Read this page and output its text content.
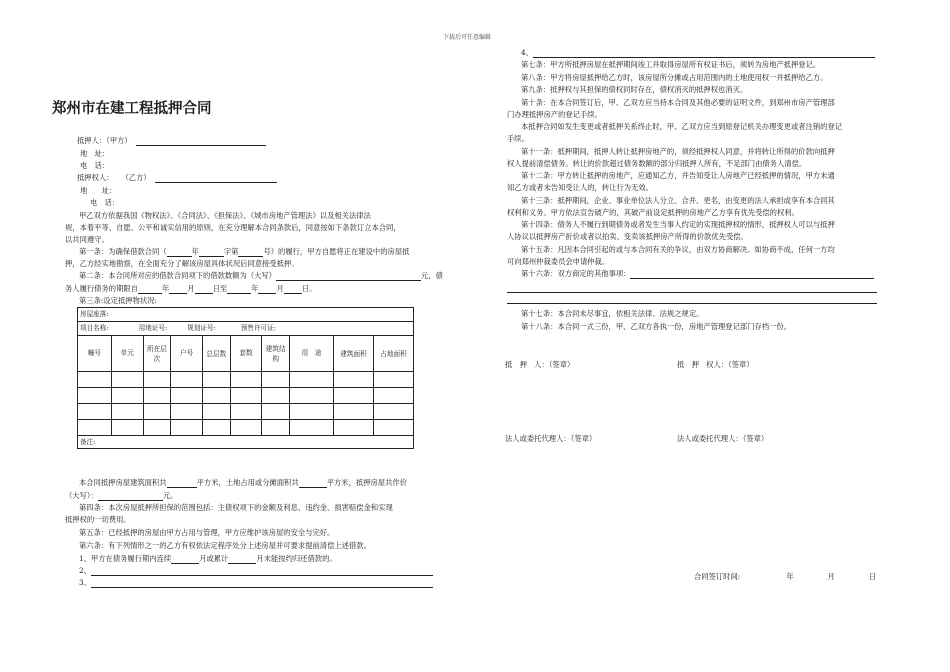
下载后可任意编辑
郑州市在建工程抵押合同
抵押人：（甲方）
地　址：
电　话：
抵押权人： （乙方）
地　　址：
电　话：
甲乙双方依据我国《物权法》、《合同法》、《担保法》、《城市房地产管理法》以及相关法律法
规，本着平等、自愿、公平和诚实信用的原则，在充分理解本合同条款后，同意按如下条款订立本合同，
以共同遵守。
第一条：为确保借款合同（	年	字第	号）的履行，甲方自愿将正在建设中的房屋抵
押，乙方经实地勘察，在全面充分了解该房屋具体状况后同意接受抵押。
第二条：本合同所对应的借款合同项下的借款数额为（大写）	元，债
务人履行债务的期限自	年 月 日至	年 月 日。
第三条:设定抵押物状况:
房屋座落:									
项目名称: 用地证号: 规划证号: 预售许可证:									
幢号	单元	所在层次	户号	总层数	套数	建筑结构	用　途	建筑面积	占地面积

备注:									
本合同抵押房屋建筑面积共	平方米，土地占用或分摊面积共	平方米，抵押房屋共作价
（大写）：	元。
第四条：本次房屋抵押所担保的范围包括：主债权项下的金额及利息、违约金、损害赔偿金和实现
抵押权的一切费用。
第五条：已经抵押的房屋由甲方占用与管理，甲方应维护该房屋的安全与完好。
第六条：有下列情形之一的乙方有权依法定程序处分上述房屋并可要求提前清偿上述借款。
1、甲方在债务履行期内连续	月或累计	月未能按约归还借款的。
2、
3、
4、
第七条：甲方所抵押房屋在抵押期间竣工并取得房屋所有权证书后，须转为房地产抵押登记。
第八条：甲方将房屋抵押给乙方时，该房屋所分摊或占用范围内的土地使用权一并抵押给乙方。
第九条：抵押权与其担保的债权同时存在，债权消灭的抵押权也消灭。
第十条：在本合同签订后，甲、乙双方应当持本合同及其他必要的证明文件，到郑州市房产管理部
门办理抵押房产的登记手续。
本抵押合同如发生变更或者抵押关系终止时，甲、乙双方应当到原登记机关办理变更或者注销的登记
手续。
第十一条：抵押期间，抵押人转让抵押房地产的，须经抵押权人同意，并将转让所得的价款向抵押
权人提前清偿债务。转让的价款超过债务数额的部分归抵押人所有，不足部门由债务人清偿。
第十二条：甲方转让抵押的房地产，应通知乙方，并告知受让人房地产已经抵押的情况，甲方未通
知乙方或者未告知受让人的，转让行为无效。
第十三条：抵押期间，企业、事业单位法人分立、合并、更名，由变更的法人承担或享有本合同其
权利和义务。甲方依法宣告破产的，其破产前设定抵押的房地产乙方享有优先受偿的权利。
第十四条：债务人不履行到期债务或者发生当事人约定的实现抵押权的情形，抵押权人可以与抵押
人协议以抵押房产折价或者以拍卖、变卖该抵押房产所得的价款优先受偿。
第十五条：凡因本合同引起的或与本合同有关的争议，由双方协商解决。如协商不成，任何一方均
可向郑州仲裁委员会申请仲裁。
第十六条：双方商定的其他事项：
第十七条：本合同未尽事宜，依相关法律、法规之规定。
第十八条：本合同一式三份，甲、乙双方各执一份，房地产管理登记部门存档一份。
抵　押　人：（签章）	抵　押　权人：（签章）
法人或委托代理人：（签章）	法人或委托代理人：（签章）
合同签订时间:	年	月	日
